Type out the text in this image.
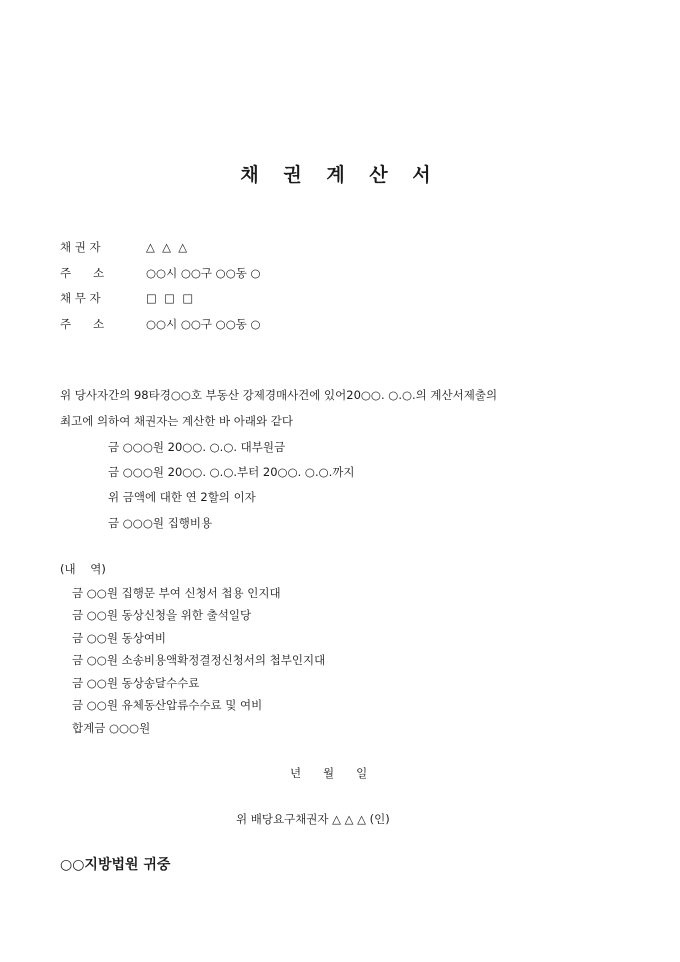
채 권 계 산 서
채 권 자	△  △  △
주      소	○○시 ○○구 ○○동 ○
채 무 자	□  □  □
주      소	○○시 ○○구 ○○동 ○
위 당사자간의 98타경○○호 부동산 강제경매사건에 있어20○○. ○.○.의 계산서제출의
최고에 의하여 채권자는 계산한 바 아래와 같다
금 ○○○원 20○○. ○.○. 대부원금
금 ○○○원 20○○. ○.○.부터 20○○. ○.○.까지
위 금액에 대한 연 2할의 이자
금 ○○○원 집행비용
(내    역)
금 ○○원 집행문 부여 신청서 첩용 인지대
금 ○○원 동상신청을 위한 출석일당
금 ○○원 동상여비
금 ○○원 소송비용액확정결정신청서의 첩부인지대
금 ○○원 동상송달수수료
금 ○○원 유체동산압류수수료 및 여비
합계금 ○○○원
년      월      일
위 배당요구채권자 △ △ △ (인)
○○지방법원 귀중
